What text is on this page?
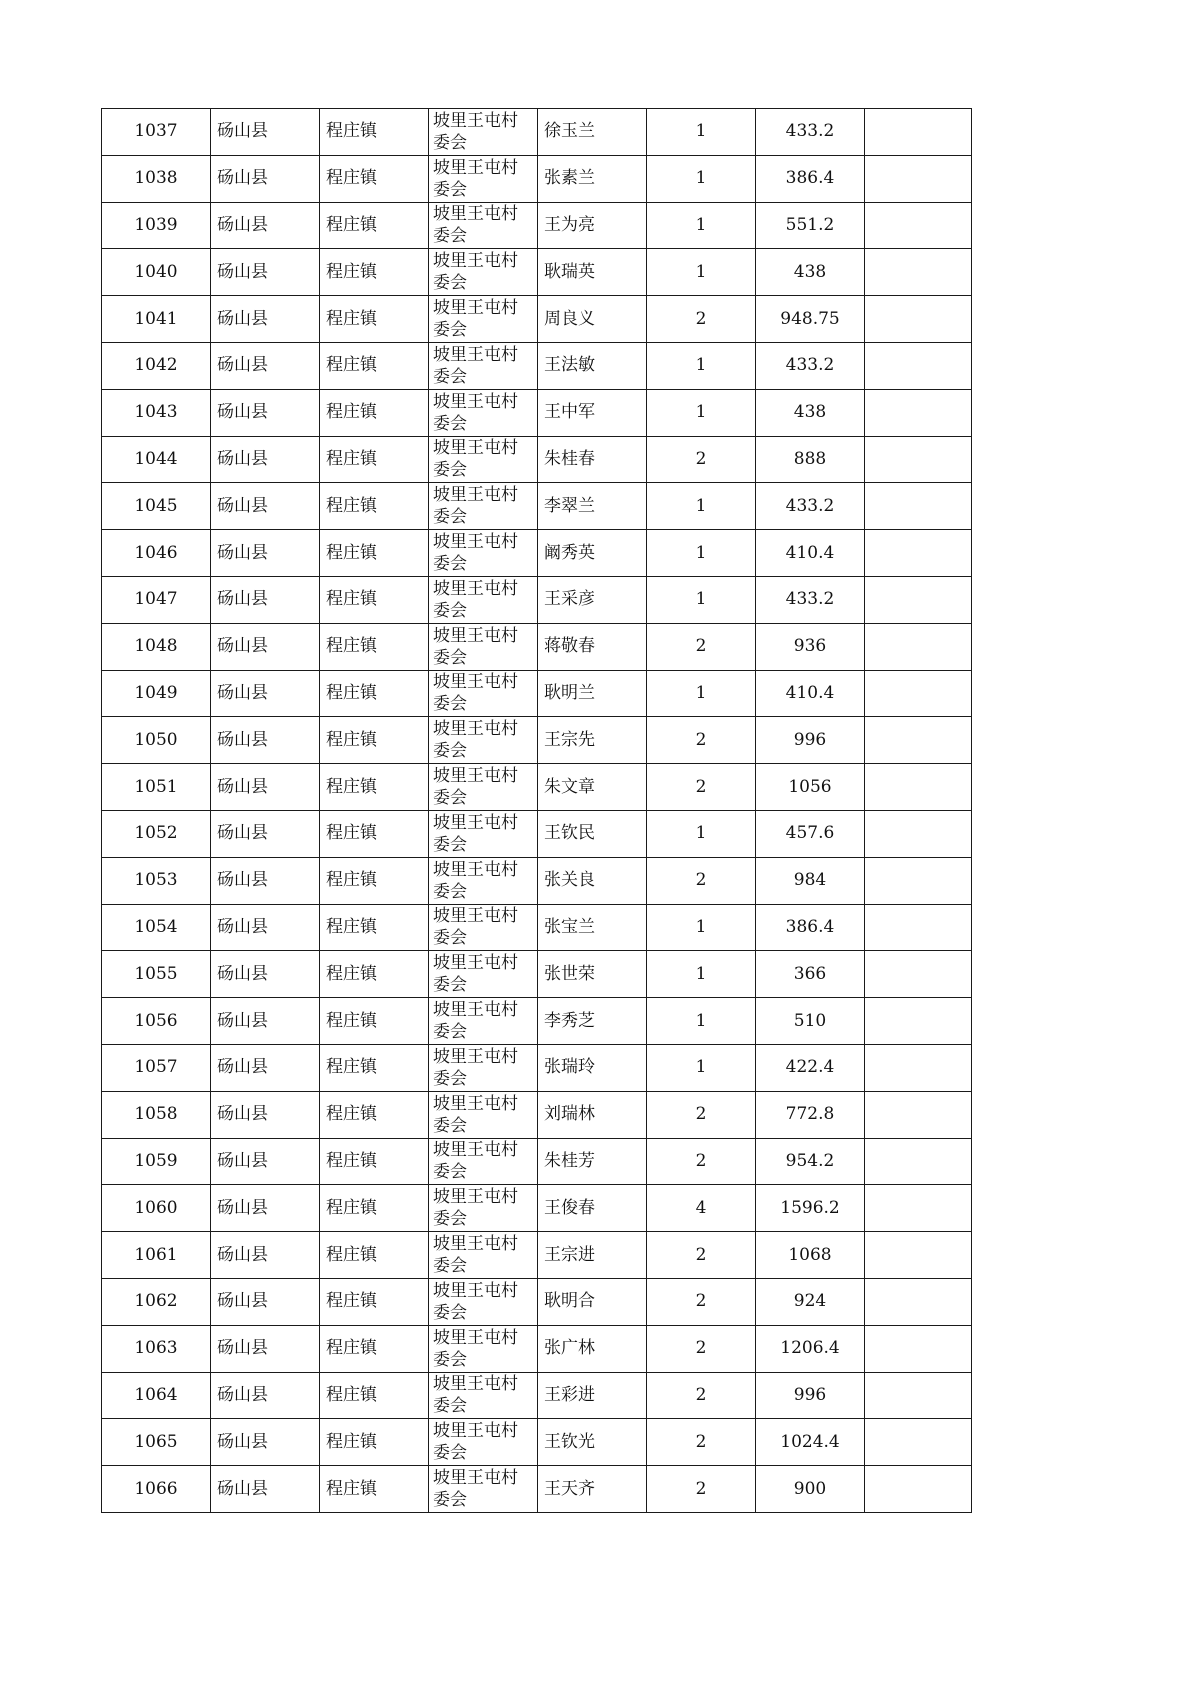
1037	砀山县	程庄镇	坡里王屯村委会	徐玉兰	1	433.2	
1038	砀山县	程庄镇	坡里王屯村委会	张素兰	1	386.4	
1039	砀山县	程庄镇	坡里王屯村委会	王为亮	1	551.2	
1040	砀山县	程庄镇	坡里王屯村委会	耿瑞英	1	438	
1041	砀山县	程庄镇	坡里王屯村委会	周良义	2	948.75	
1042	砀山县	程庄镇	坡里王屯村委会	王法敏	1	433.2	
1043	砀山县	程庄镇	坡里王屯村委会	王中军	1	438	
1044	砀山县	程庄镇	坡里王屯村委会	朱桂春	2	888	
1045	砀山县	程庄镇	坡里王屯村委会	李翠兰	1	433.2	
1046	砀山县	程庄镇	坡里王屯村委会	阚秀英	1	410.4	
1047	砀山县	程庄镇	坡里王屯村委会	王采彦	1	433.2	
1048	砀山县	程庄镇	坡里王屯村委会	蒋敬春	2	936	
1049	砀山县	程庄镇	坡里王屯村委会	耿明兰	1	410.4	
1050	砀山县	程庄镇	坡里王屯村委会	王宗先	2	996	
1051	砀山县	程庄镇	坡里王屯村委会	朱文章	2	1056	
1052	砀山县	程庄镇	坡里王屯村委会	王钦民	1	457.6	
1053	砀山县	程庄镇	坡里王屯村委会	张关良	2	984	
1054	砀山县	程庄镇	坡里王屯村委会	张宝兰	1	386.4	
1055	砀山县	程庄镇	坡里王屯村委会	张世荣	1	366	
1056	砀山县	程庄镇	坡里王屯村委会	李秀芝	1	510	
1057	砀山县	程庄镇	坡里王屯村委会	张瑞玲	1	422.4	
1058	砀山县	程庄镇	坡里王屯村委会	刘瑞林	2	772.8	
1059	砀山县	程庄镇	坡里王屯村委会	朱桂芳	2	954.2	
1060	砀山县	程庄镇	坡里王屯村委会	王俊春	4	1596.2	
1061	砀山县	程庄镇	坡里王屯村委会	王宗进	2	1068	
1062	砀山县	程庄镇	坡里王屯村委会	耿明合	2	924	
1063	砀山县	程庄镇	坡里王屯村委会	张广林	2	1206.4	
1064	砀山县	程庄镇	坡里王屯村委会	王彩进	2	996	
1065	砀山县	程庄镇	坡里王屯村委会	王钦光	2	1024.4	
1066	砀山县	程庄镇	坡里王屯村委会	王天齐	2	900	
